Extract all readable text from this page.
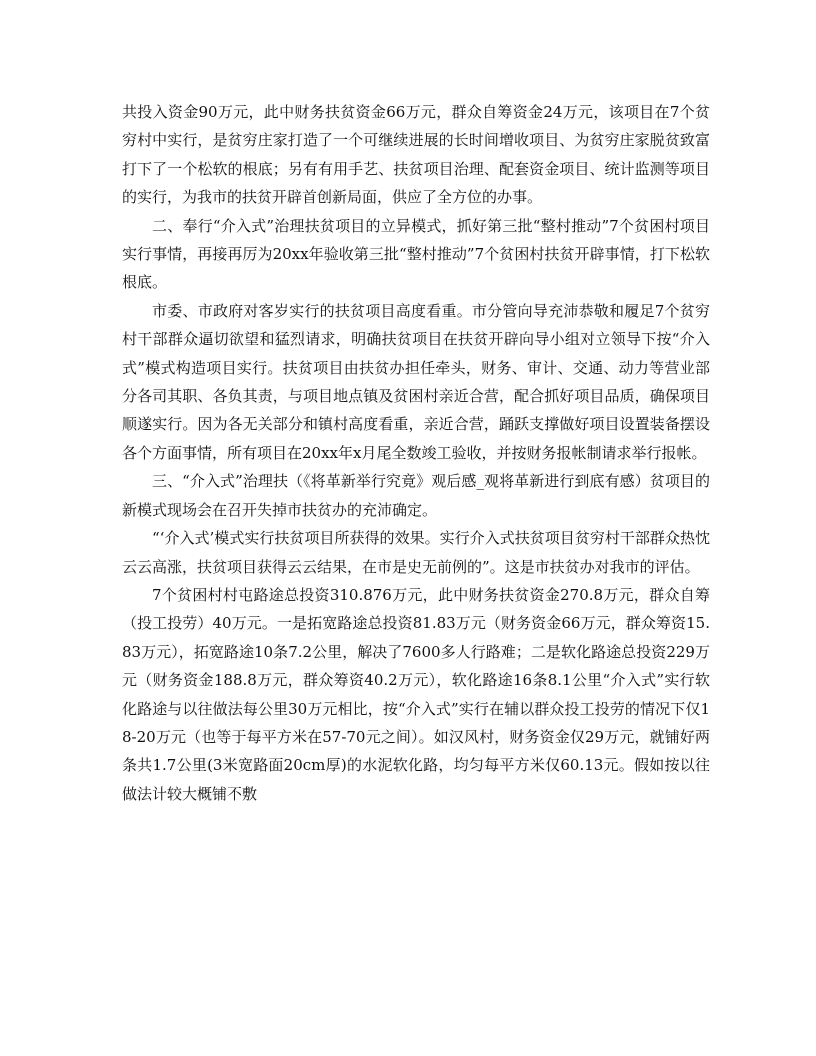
共投入资金90万元，此中财务扶贫资金66万元，群众自筹资金24万元，该项目在7个贫穷村中实行，是贫穷庄家打造了一个可继续进展的长时间增收项目、为贫穷庄家脱贫致富打下了一个松软的根底；另有有用手艺、扶贫项目治理、配套资金项目、统计监测等项目的实行，为我市的扶贫开辟首创新局面，供应了全方位的办事。

二、奉行“介入式”治理扶贫项目的立异模式，抓好第三批“整村推动”7个贫困村项目实行事情，再接再厉为20xx年验收第三批“整村推动”7个贫困村扶贫开辟事情，打下松软根底。

市委、市政府对客岁实行的扶贫项目高度看重。市分管向导充沛恭敬和履足7个贫穷村干部群众逼切欲望和猛烈请求，明确扶贫项目在扶贫开辟向导小组对立领导下按“介入式”模式构造项目实行。扶贫项目由扶贫办担任牵头，财务、审计、交通、动力等营业部分各司其职、各负其责，与项目地点镇及贫困村亲近合营，配合抓好项目品质，确保项目顺遂实行。因为各无关部分和镇村高度看重，亲近合营，踊跃支撑做好项目设置装备摆设各个方面事情，所有项目在20xx年x月尾全数竣工验收，并按财务报帐制请求举行报帐。

三、“介入式”治理扶（《将革新举行究竟》观后感_观将革新进行到底有感）贫项目的新模式现场会在召开失掉市扶贫办的充沛确定。

“‘介入式’模式实行扶贫项目所获得的效果。实行介入式扶贫项目贫穷村干部群众热忱云云高涨，扶贫项目获得云云结果，在市是史无前例的”。这是市扶贫办对我市的评估。

7个贫困村村屯路途总投资310.876万元，此中财务扶贫资金270.8万元，群众自筹（投工投劳）40万元。一是拓宽路途总投资81.83万元（财务资金66万元，群众筹资15.83万元），拓宽路途10条7.2公里，解决了7600多人行路难；二是软化路途总投资229万元（财务资金188.8万元，群众筹资40.2万元），软化路途16条8.1公里“介入式”实行软化路途与以往做法每公里30万元相比，按“介入式”实行在辅以群众投工投劳的情况下仅18-20万元（也等于每平方米在57-70元之间）。如汉风村，财务资金仅29万元，就铺好两条共1.7公里(3米宽路面20cm厚)的水泥软化路，均匀每平方米仅60.13元。假如按以往做法计较大概铺不敷
